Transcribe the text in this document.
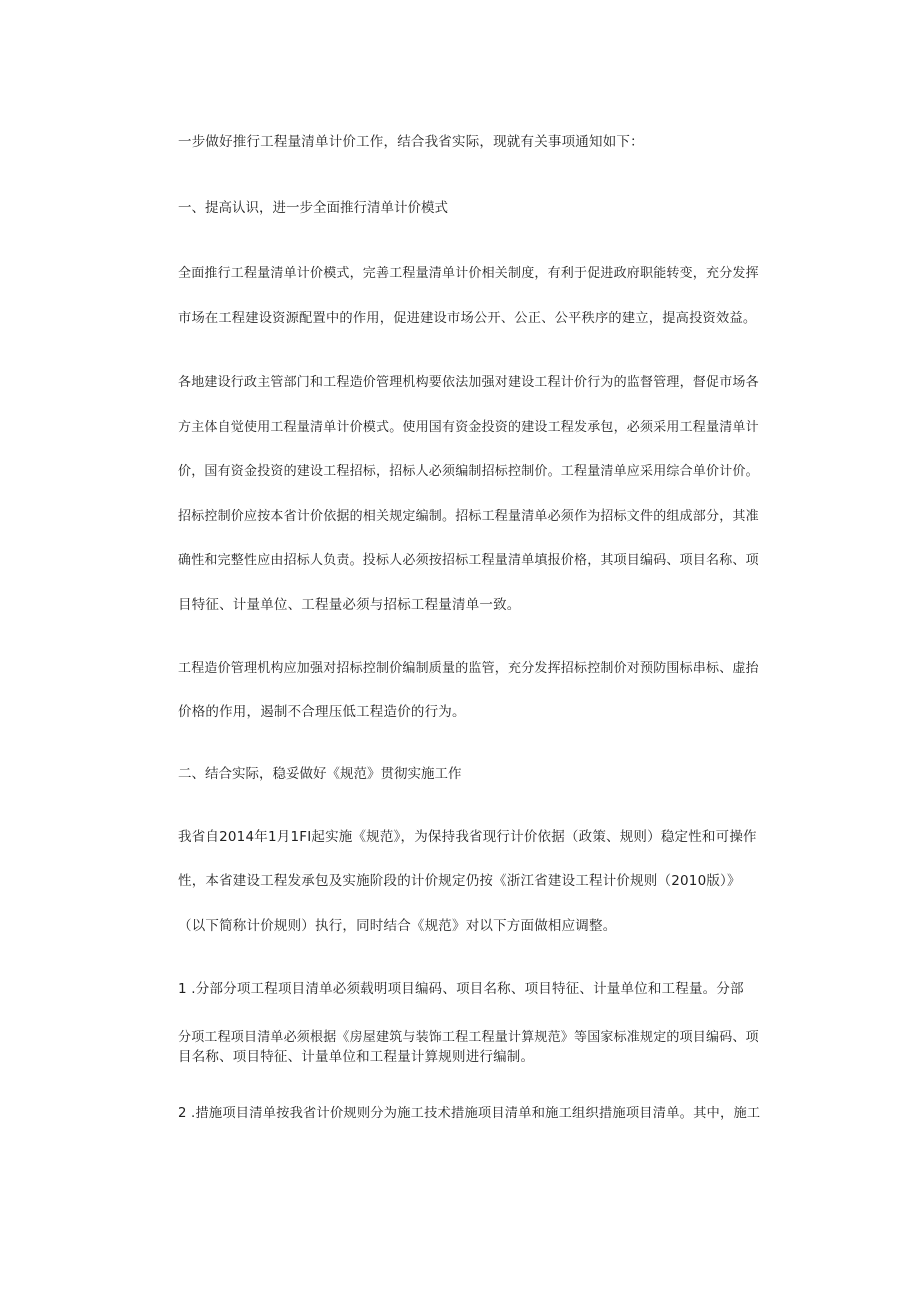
一步做好推行工程量清单计价工作，结合我省实际，现就有关事项通知如下：
一、提高认识，进一步全面推行清单计价模式
全面推行工程量清单计价模式，完善工程量清单计价相关制度，有利于促进政府职能转变，充分发挥
市场在工程建设资源配置中的作用，促进建设市场公开、公正、公平秩序的建立，提高投资效益。
各地建设行政主管部门和工程造价管理机构要依法加强对建设工程计价行为的监督管理，督促市场各
方主体自觉使用工程量清单计价模式。使用国有资金投资的建设工程发承包，必须采用工程量清单计
价，国有资金投资的建设工程招标，招标人必须编制招标控制价。工程量清单应采用综合单价计价。
招标控制价应按本省计价依据的相关规定编制。招标工程量清单必须作为招标文件的组成部分，其准
确性和完整性应由招标人负责。投标人必须按招标工程量清单填报价格，其项目编码、项目名称、项
目特征、计量单位、工程量必须与招标工程量清单一致。
工程造价管理机构应加强对招标控制价编制质量的监管，充分发挥招标控制价对预防围标串标、虚抬
价格的作用，遏制不合理压低工程造价的行为。
二、结合实际，稳妥做好《规范》贯彻实施工作
我省自2014年1月1FI起实施《规范》，为保持我省现行计价依据（政策、规则）稳定性和可操作
性，本省建设工程发承包及实施阶段的计价规定仍按《浙江省建设工程计价规则（2010版）》
（以下简称计价规则）执行，同时结合《规范》对以下方面做相应调整。
1 .分部分项工程项目清单必须载明项目编码、项目名称、项目特征、计量单位和工程量。分部
分项工程项目清单必须根据《房屋建筑与装饰工程工程量计算规范》等国家标准规定的项目编码、项
目名称、项目特征、计量单位和工程量计算规则进行编制。
2 .措施项目清单按我省计价规则分为施工技术措施项目清单和施工组织措施项目清单。其中，施工
